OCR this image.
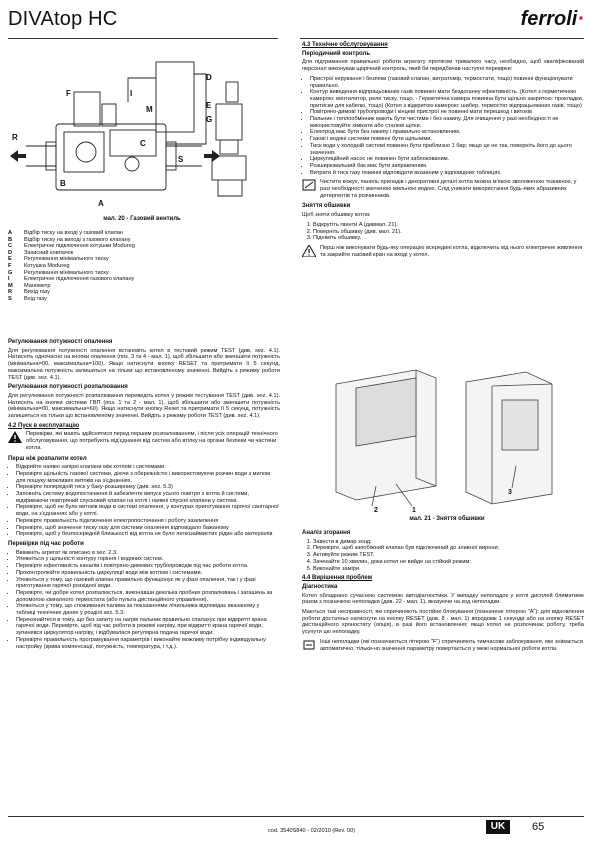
DIVAtop HC	ferroli·
D
E
G
F	I
M
C
R
B
A
S
мал. 20 - Газовий вентиль
A	Відбір тиску на вході у газовий клапан
B	Відбір тиску на виході з газового клапану
C	Електричне підключення котушки Modureg
D	Захисний ковпачок
E	Регулювання мінімального тиску
F	Котушка Modureg
G	Регулювання мінімального тиску
I	Електричне підключення газового клапану
M	Манометр
R	Вихід газу
S	Вхід газу
Регулювання потужності опалення

Для регулювання потужності опалення встановіть котел в тестовий режим TEST (див. sez. 4.1). Натисніть одночасно на кнопки опалення (поз. 3 та 4 - мал. 1), щоб збільшити або зменшити потужність (мінімальна=00, максимальна=100). Якщо натиснути кнопку RESET та притримати її 5 секунд, максимальна потужність залишиться на тільки що встановленому значенні. Вийдіть з режиму роботи TEST (див. sez. 4.1).

Регулювання потужності розпалювання

Для регулювання потужності розпалювання переведіть котел у режим тестування TEST (див. sez. 4.1). Натисніть на кнопки системи ГВП (поз. 1 та 2 - мал. 1), щоб збільшити або зменшити потужність (мінімальна=00, максимальна=60). Якщо натиснути кнопку Reset та притримати її 5 секунд, потужність залишиться на тільки що встановленому значенні. Вийдіть з режиму роботи TEST (див. sez. 4.1).

4.2 Пуск в експлуатацію
Перевірки, які мають здійснятися перед першим розпалюванням, і після усіх операцій технічного обслуговування, що потребують від'єднання від систем або втілку на органи безпеки чи частини котла.
Перш ніж розпалити котел
• Відкрийте наявні запірні клапани між котлом і системами.
• Перевірте щільність газової системи, діючи з обережністю і використовуючи розчин води з милом для пошуку можливих витоків на з'єднаннях.
• Перевірте попередній тиск у баку-розширнику (див. sez. 5.3)
• Заповніть систему водопостачання й забезпечте випуск усього повітря з котла й системи, відкриваючи повітряний спусковий клапан на котлі і наявні спускні клапани у системі.
• Перевірте, щоб не було витоків води в системі опалення, у контурах приготування гарячої санітарної води, на з'єднаннях або у котлі.
• Перевірте правильність підключення електропостачання і роботу заземлення
• Перевірте, щоб значення тиску газу для системи опалення відповідало бажаному
• Перевірте, щоб у безпосередній близькості від котла не було легкозаймистих рідин або матеріалів
Перевірки під час роботи
• Ввімкніть агрегат як описано в sez. 2.3.
• Упевніться у щільності контуру горіння і водяних систем.
• Перевірте ефективність каналів і повітряно-димових трубопроводів під час роботи котла.
• Проконтролюйте правильність циркуляції води між котлом і системами.
• Упевніться у тому, що газовий клапан правильно функціонує як у фазі опалення, так і у фазі приготування гарячої розхідної води.
• Перевірте, чи добре котел розпалюється, виконавши декілька пробних розпалювань і загашень за допомогою кімнатного термостата (або пульта дистанційного управління).
• Упевніться у тому, що споживання палива за показаннями лічильника відповідає вказаному у таблиці технічних даних у розділі sez. 5.3.
• Переконайтеся в тому, що без запиту на нагрів пальник правильно спалахує при відкритті крана гарячої води. Перевірте, щоб під час роботи в режимі нагріву, при відкритті крана гарячої води, зупинявся циркулятор нагріву, і відбувалася регулярна подача гарячої води.
• Перевірте правильність програмування параметрів і виконайте можливу потрібну індивідуальну настройку (крива компенсації, потужність, температура, і т.д.).
4.3 Технічне обслуговування
Періодичний контроль

Для підтримання правильної роботи агрегату протягом тривалого часу, необхідно, щоб кваліфікований персонал виконував щорічний контроль, який би передбачав наступні перевірки:

• Пристрої керування і безпеки (газовий клапан, витратомір, термостати, тощо) повинні функціонувати правильно.
• Контур виведення відпрацьованих газів повинен мати бездоганну ефективність. (Котел з герметичною камерою: вентилятор, реле тиску, тощо. - Герметична камера повинна бути щільно закритою: прокладки, притиски для кабелю, тощо) (Котел з відкритою камерою: шибер, термостат відпрацьованих газів, тощо)
• Повітряно-димові трубопроводи і кінцеві пристрої не повинні мати перешкод і витоків
• Пальник і теплообмінник мають бути чистими і без накипу. Для очищення у разі необхідності не використовуйте хімікати або сталеві щітки.
• Електрод має бути без накипу і правильно встановленим.
• Газові і водяні системи повинні бути щільними.
• Тиск води у холодній системі повинен бути приблизно 1 бар; якщо це не так, поверніть його до цього значення.
• Циркуляційний насос не повинен бути заблокованим.
• Розширювальний бак має бути заправленим.
• Витрати й тиск газу повинні відповідати вказаним у відповідних таблицях.
Чистити кожух, панель приладів і декоративні деталі котла можна м'якою зволоженою тканиною, у разі необхідності змоченою мильною водою. Слід уникати використання будь-яких абразивних детергентів та розчинників.
Зняття обшивки

Щоб зняти обшивку котла:

1. Відкрутіть гвинти A (дивмал. 21).
2. Поверніть обшивку (див. мал. 21).
3. Підніміть обшивку.
Перш ніж виконувати будь-яку операцію всередині котла, відключить від нього електричне живлення та закрийте газовий кран на вході у котел.
2	1
3
мал. 21 - Зняття обшивки
Аналіз згорання
1. Завести в димар зонд;
2. Перевірте, щоб запобіжний клапан був підключений до зливної вирони;
3. Активуйте режим TEST.
4. Зачекайте 10 хвилин, доки котел не вийде на стійкий режим;
5. Виконайте заміри.
4.4 Вирішення проблем
Діагностика

Котел обладнано сучасною системою автодіагностики. У випадку неполадок у котлі дисплей блиматиме разом з позначкою неполадки (див. 22 - мал. 1), вказуючи на код неполадки.

Маються такі несправності, які спричиняють постійне блокування (позначене літерою "A"): для відновлення роботи достатньо натиснути на кнопку RESET (дов. 8 - мал. 1) впродовж 1 секунди або на кнопку RESET дистанційного хроностату (опція), в разі його встановлення; якщо котел не розпочинає роботу, треба усунути цю неполадку.

Інші неполадки (які позначаються літерою "F") спричиняють тимчасове заблокування, яке знімається автоматично, тільки-но значення параметру повертається у межі нормальної роботи котла.
cod. 3540S840 - 02/2010 (Rev. 00)	UK	65
